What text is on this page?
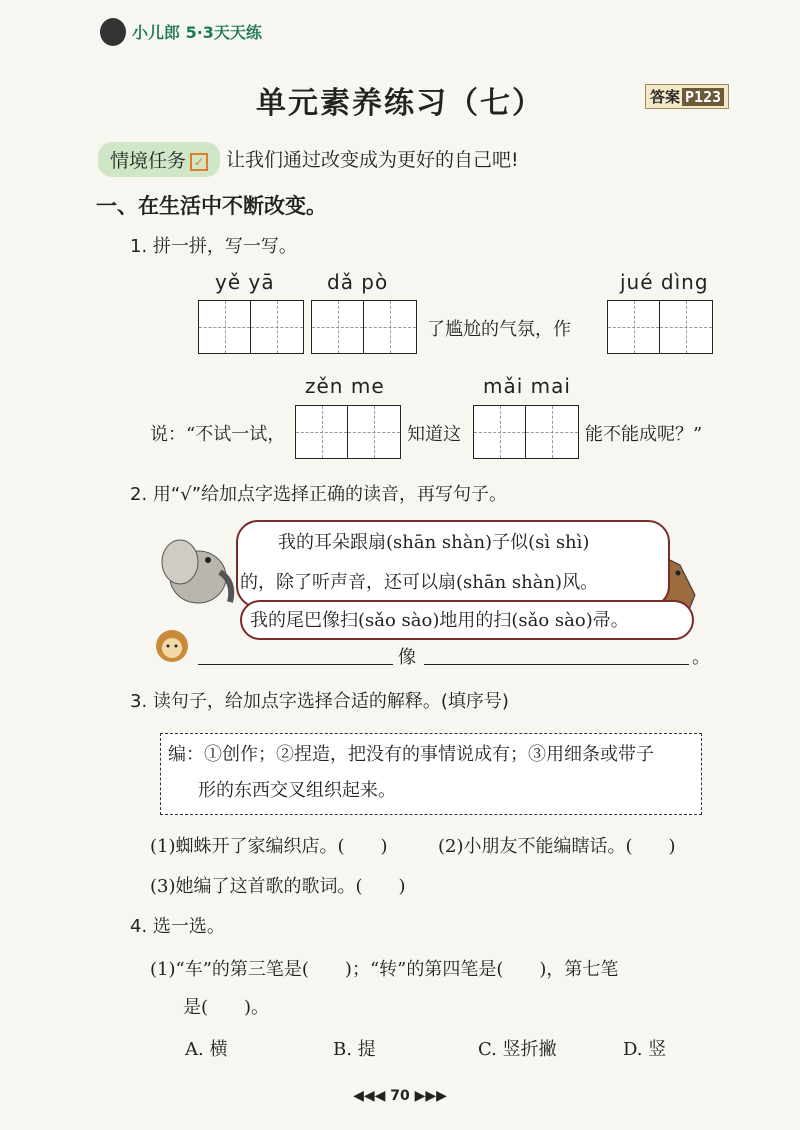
小儿郎 5·3天天练
单元素养练习（七）	答案 P123
情境任务 ✓	让我们通过改变成为更好的自己吧!
一、在生活中不断改变。
1. 拼一拼，写一写。
yě yā	dǎ pò	jué dìng
了尴尬的气氛，作
zěn me	mǎi mai
说：“不试一试，	知道这	能不能成呢？”
2. 用“√”给加点字选择正确的读音，再写句子。
我的耳朵跟扇(shān shàn)子似(sì shì)
的，除了听声音，还可以扇(shān shàn)风。
我的尾巴像扫(sǎo sào)地用的扫(sǎo sào)帚。
像	。
3. 读句子，给加点字选择合适的解释。(填序号)
编：①创作；②捏造，把没有的事情说成有；③用细条或带子
形的东西交叉组织起来。
(1)蜘蛛开了家编织店。(　　)	(2)小朋友不能编瞎话。(　　)
(3)她编了这首歌的歌词。(　　)
4. 选一选。
(1)“车”的第三笔是(　　)；“转”的第四笔是(　　)，第七笔
是(　　)。
A. 横	B. 提	C. 竖折撇	D. 竖
◀◀◀ 70 ▶▶▶
